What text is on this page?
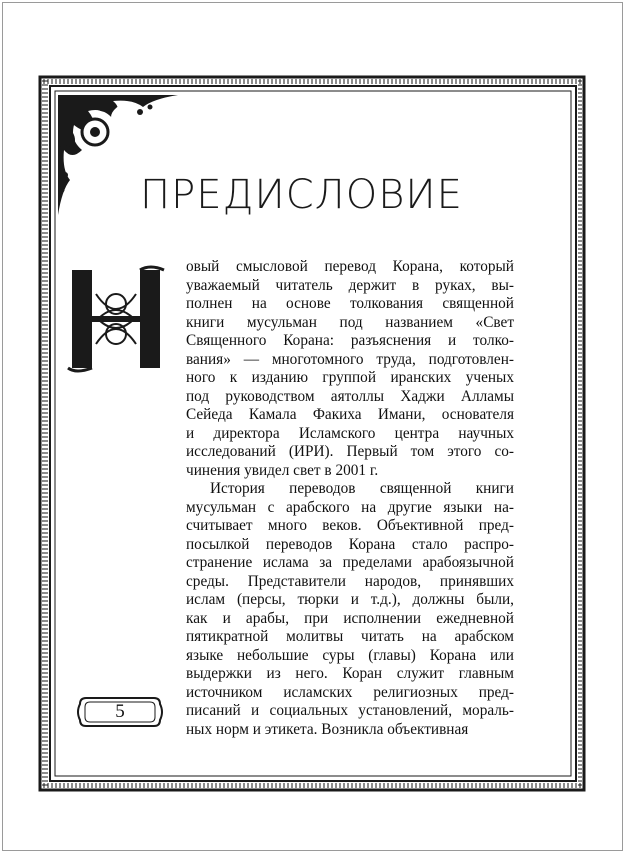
ПРЕДИСЛОВИЕ
овый смысловой перевод Корана, который
уважаемый читатель держит в руках, вы-
полнен на основе толкования священной
книги мусульман под названием «Свет
Священного Корана: разъяснения и толко-
вания» — многотомного труда, подготовлен-
ного к изданию группой иранских ученых
под руководством аятоллы Хаджи Алламы
Сейеда Камала Факиха Имани, основателя
и директора Исламского центра научных
исследований (ИРИ). Первый том этого со-
чинения увидел свет в 2001 г.
История переводов священной книги
мусульман с арабского на другие языки на-
считывает много веков. Объективной пред-
посылкой переводов Корана стало распро-
странение ислама за пределами арабоязычной
среды. Представители народов, принявших
ислам (персы, тюрки и т.д.), должны были,
как и арабы, при исполнении ежедневной
пятикратной молитвы читать на арабском
языке небольшие суры (главы) Корана или
выдержки из него. Коран служит главным
источником исламских религиозных пред-
писаний и социальных установлений, мораль-
ных норм и этикета. Возникла объективная
5
